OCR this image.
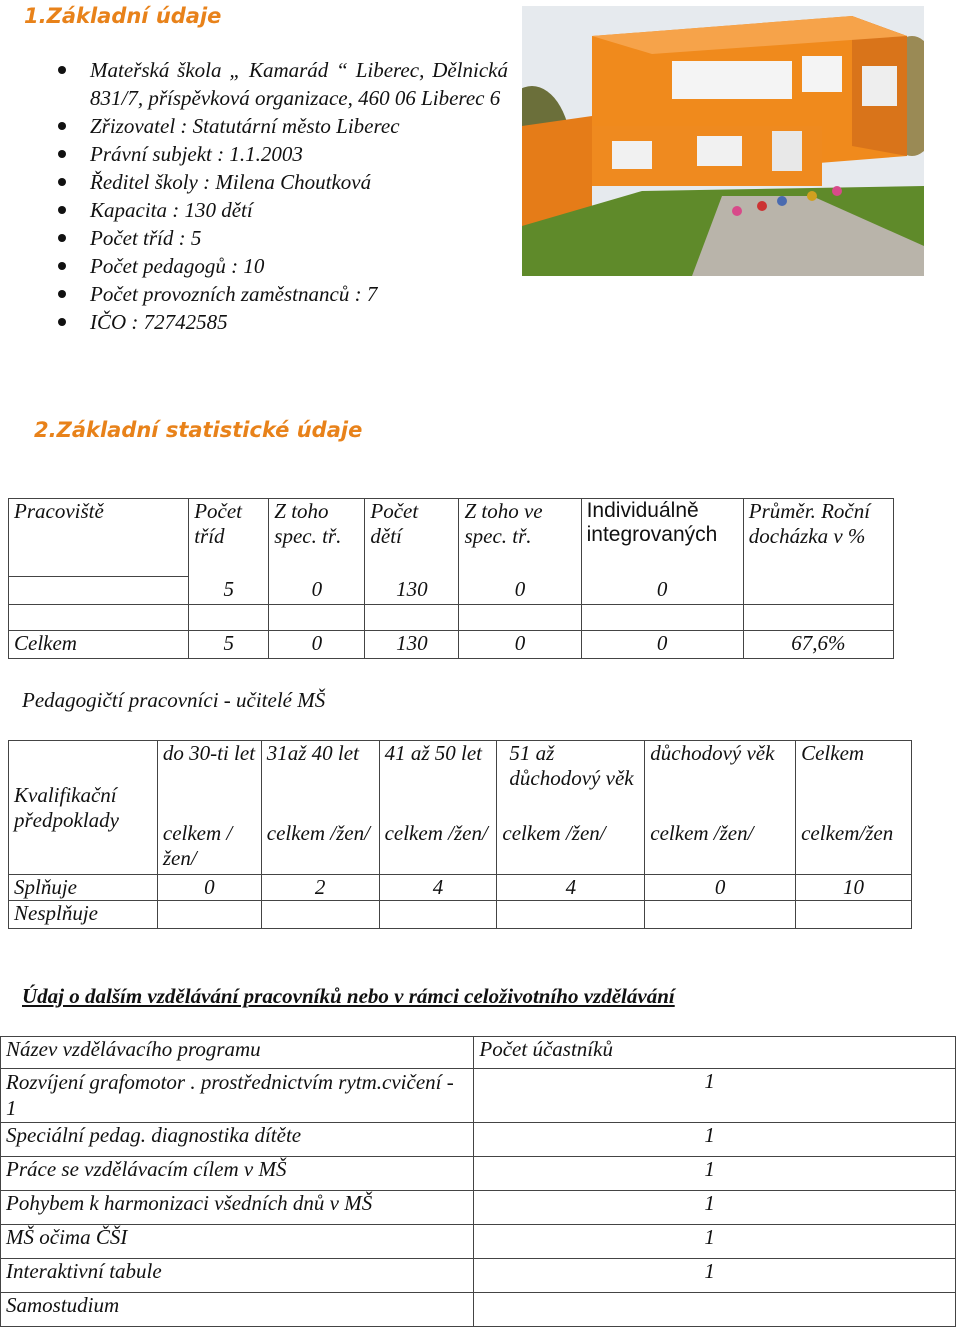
1.Základní údaje
Mateřská škola „ Kamarád “ Liberec, Dělnická 831/7, příspěvková organizace, 460 06 Liberec 6
Zřizovatel : Statutární město Liberec
Právní subjekt : 1.1.2003
Ředitel školy : Milena Choutková
Kapacita : 130 dětí
Počet tříd : 5
Počet pedagogů : 10
Počet provozních zaměstnanců : 7
IČO : 72742585
2.Základní statistické údaje
Pracoviště	Počet tříd	Z toho spec. tř.	Počet dětí	Z toho ve spec. tř.	Individuálně integrovaných	Průměr. Roční docházka v %
	5	0	130	0	0	

Celkem	5	0	130	0	0	67,6%
Pedagogičtí pracovníci - učitelé MŠ
Kvalifikační předpoklady	do 30-ti let	31až 40 let	41 až 50 let	51 až důchodový věk	důchodový věk	Celkem
	celkem /žen/	celkem /žen/	celkem /žen/	celkem /žen/	celkem /žen/	celkem/žen
Splňuje	0	2	4	4	0	10
Nesplňuje						
Údaj o dalším vzdělávání pracovníků nebo v rámci celoživotního vzdělávání
Název vzdělávacího programu	Počet účastníků
Rozvíjení grafomotor . prostřednictvím rytm.cvičení - 1	1
Speciální pedag. diagnostika dítěte	1
Práce se vzdělávacím cílem v MŠ	1
Pohybem k harmonizaci všedních dnů v MŠ	1
MŠ očima ČŠI	1
Interaktivní tabule	1
Samostudium	
